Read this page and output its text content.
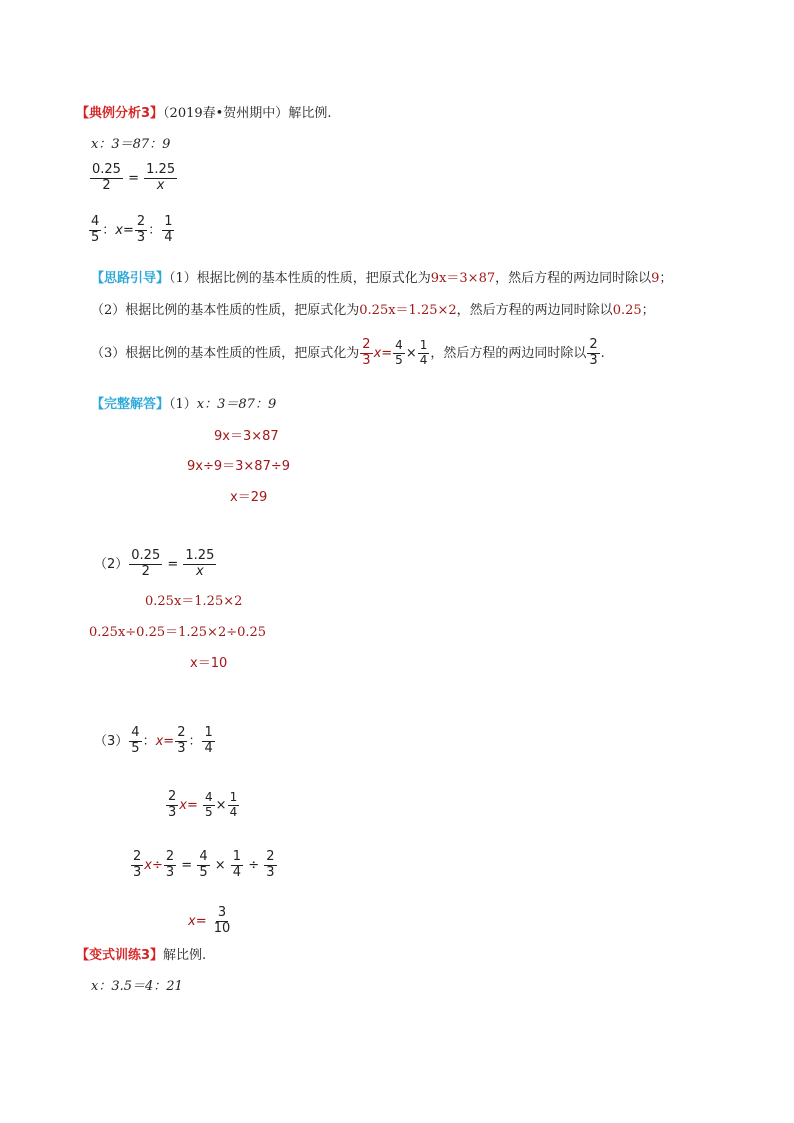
【典例分析3】（2019春•贺州期中）解比例.
x：3＝87：9
$\frac{0.25}{2} = \frac{1.25}{x}$
$\frac{4}{5}$ ：$x= \frac{2}{3}$ ： $\frac{1}{4}$
【思路引导】（1）根据比例的基本性质的性质，把原式化为9x＝3×87，然后方程的两边同时除以9；
（2）根据比例的基本性质的性质，把原式化为0.25x＝1.25×2，然后方程的两边同时除以0.25；
（3）根据比例的基本性质的性质，把原式化为 $\frac{2}{3} x= \frac{4}{5} \times \frac{1}{4}$ ，然后方程的两边同时除以 $\frac{2}{3}$ .
【完整解答】（1）x：3＝87：9
9x＝3×87
9x÷9＝3×87÷9
x＝29
$(2) \frac{0.25}{2} = \frac{1.25}{x}$
0.25x＝1.25×2
0.25x÷0.25＝1.25×2÷0.25
x＝10
$(3) \frac{4}{5}$ ：$x= \frac{2}{3}$ ： $\frac{1}{4}$
$\frac{2}{3} x= \frac{4}{5} \times \frac{1}{4}$
$\frac{2}{3} x\div \frac{2}{3} = \frac{4}{5} \times \frac{1}{4} \div \frac{2}{3}$
$x= \frac{3}{10}$
【变式训练3】解比例.
x：3.5＝4：21
